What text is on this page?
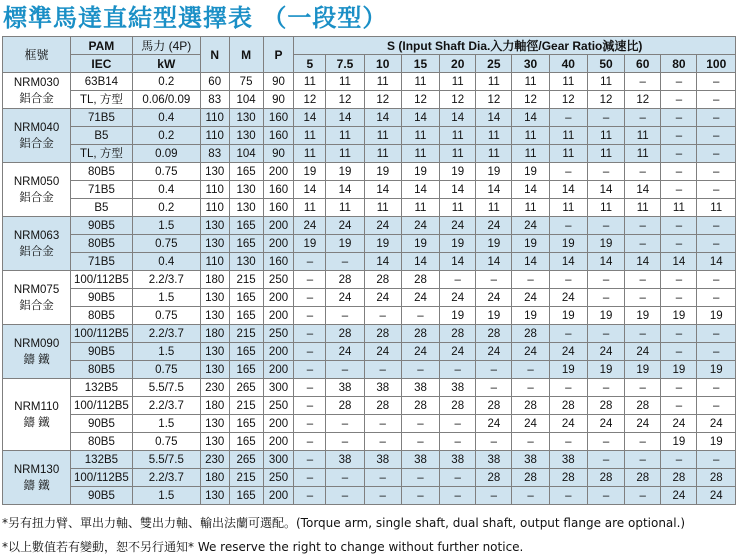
標準馬達直結型選擇表 （一段型）
框號	PAM	馬力 (4P)	N	M	P	S (Input Shaft Dia.入力軸徑/Gear Ratio減速比)											
	IEC	kW				5	7.5	10	15	20	25	30	40	50	60	80	100
NRM030
鋁合金	63B14	0.2	60	75	90	11	11	11	11	11	11	11	11	11	–	–	–
	TL, 方型	0.06/0.09	83	104	90	12	12	12	12	12	12	12	12	12	12	–	–
NRM040
鋁合金	71B5	0.4	110	130	160	14	14	14	14	14	14	14	–	–	–	–	–
	B5	0.2	110	130	160	11	11	11	11	11	11	11	11	11	11	–	–
	TL, 方型	0.09	83	104	90	11	11	11	11	11	11	11	11	11	11	–	–
NRM050
鋁合金	80B5	0.75	130	165	200	19	19	19	19	19	19	19	–	–	–	–	–
	71B5	0.4	110	130	160	14	14	14	14	14	14	14	14	14	14	–	–
	B5	0.2	110	130	160	11	11	11	11	11	11	11	11	11	11	11	11
NRM063
鋁合金	90B5	1.5	130	165	200	24	24	24	24	24	24	24	–	–	–	–	–
	80B5	0.75	130	165	200	19	19	19	19	19	19	19	19	19	–	–	–
	71B5	0.4	110	130	160	–	–	14	14	14	14	14	14	14	14	14	14
NRM075
鋁合金	100/112B5	2.2/3.7	180	215	250	–	28	28	28	–	–	–	–	–	–	–	–
	90B5	1.5	130	165	200	–	24	24	24	24	24	24	24	–	–	–	–
	80B5	0.75	130	165	200	–	–	–	–	19	19	19	19	19	19	19	19
NRM090
鑄 鐵	100/112B5	2.2/3.7	180	215	250	–	28	28	28	28	28	28	–	–	–	–	–
	90B5	1.5	130	165	200	–	24	24	24	24	24	24	24	24	24	–	–
	80B5	0.75	130	165	200	–	–	–	–	–	–	–	19	19	19	19	19
NRM110
鑄 鐵	132B5	5.5/7.5	230	265	300	–	38	38	38	38	–	–	–	–	–	–	–
	100/112B5	2.2/3.7	180	215	250	–	28	28	28	28	28	28	28	28	28	–	–
	90B5	1.5	130	165	200	–	–	–	–	–	24	24	24	24	24	24	24
	80B5	0.75	130	165	200	–	–	–	–	–	–	–	–	–	–	19	19
NRM130
鑄 鐵	132B5	5.5/7.5	230	265	300	–	38	38	38	38	38	38	38	–	–	–	–
	100/112B5	2.2/3.7	180	215	250	–	–	–	–	–	28	28	28	28	28	28	28
	90B5	1.5	130	165	200	–	–	–	–	–	–	–	–	–	–	24	24
*另有扭力臂、單出力軸、雙出力軸、輸出法蘭可選配。(Torque arm, single shaft, dual shaft, output flange are optional.)
*以上數值若有變動，恕不另行通知* We reserve the right to change without further notice.
